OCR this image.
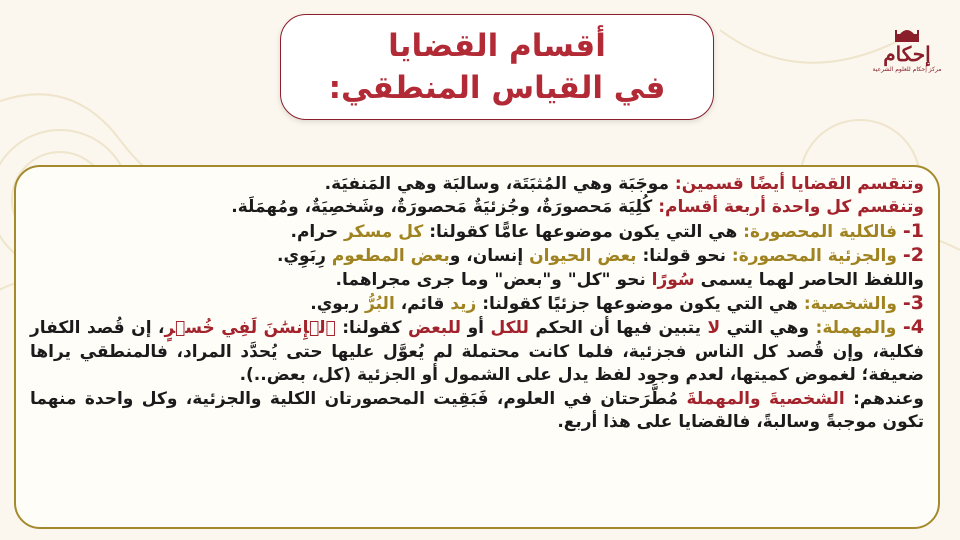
أقسام القضايا
في القياس المنطقي:
إحكام
مركز إحكام للعلوم الشرعية

وتنقسم القضايا أيضًا قسمين: موجَبَة وهي المُثبَتَة، وسالبَة وهي المَنفيَة.

وتنقسم كل واحدة أربعة أقسام: كُلِيَة مَحصورَةٌ، وجُزئيَةٌ مَحصورَةٌ، وشَخصِيَةٌ، ومُهمَلَة.

1- فالكلية المحصورة: هي التي يكون موضوعها عامًّا كقولنا: كل مسكر حرام.

2- والجزئية المحصورة: نحو قولنا: بعض الحيوان إنسان، وبعض المطعوم رِبَوِي.

واللفظ الحاصر لهما يسمى سُورًا نحو "كل" و"بعض" وما جرى مجراهما.

3- والشخصية: هي التي يكون موضوعها جزئيًا كقولنا: زيد قائم، البُرُّ ربوي.

4- والمهملة: وهي التي لا يتبين فيها أن الحكم للكل أو للبعض كقولنا: ٱلۡإِنسَٰنَ لَفِي خُسۡرٍ، إن قُصد الكفار فكلية، وإن قُصد كل الناس فجزئية، فلما كانت محتملة لم يُعوَّل عليها حتى يُحدَّد المراد، فالمنطقي يراها ضعيفة؛ لغموض كميتها، لعدم وجود لفظ يدل على الشمول أو الجزئية (كل، بعض..).

وعندهم: الشخصيةَ والمهملةَ مُطَّرَحتان في العلوم، فَبَقِيت المحصورتان الكلية والجزئية، وكل واحدة منهما تكون موجبةً وسالبةً، فالقضايا على هذا أربع.
